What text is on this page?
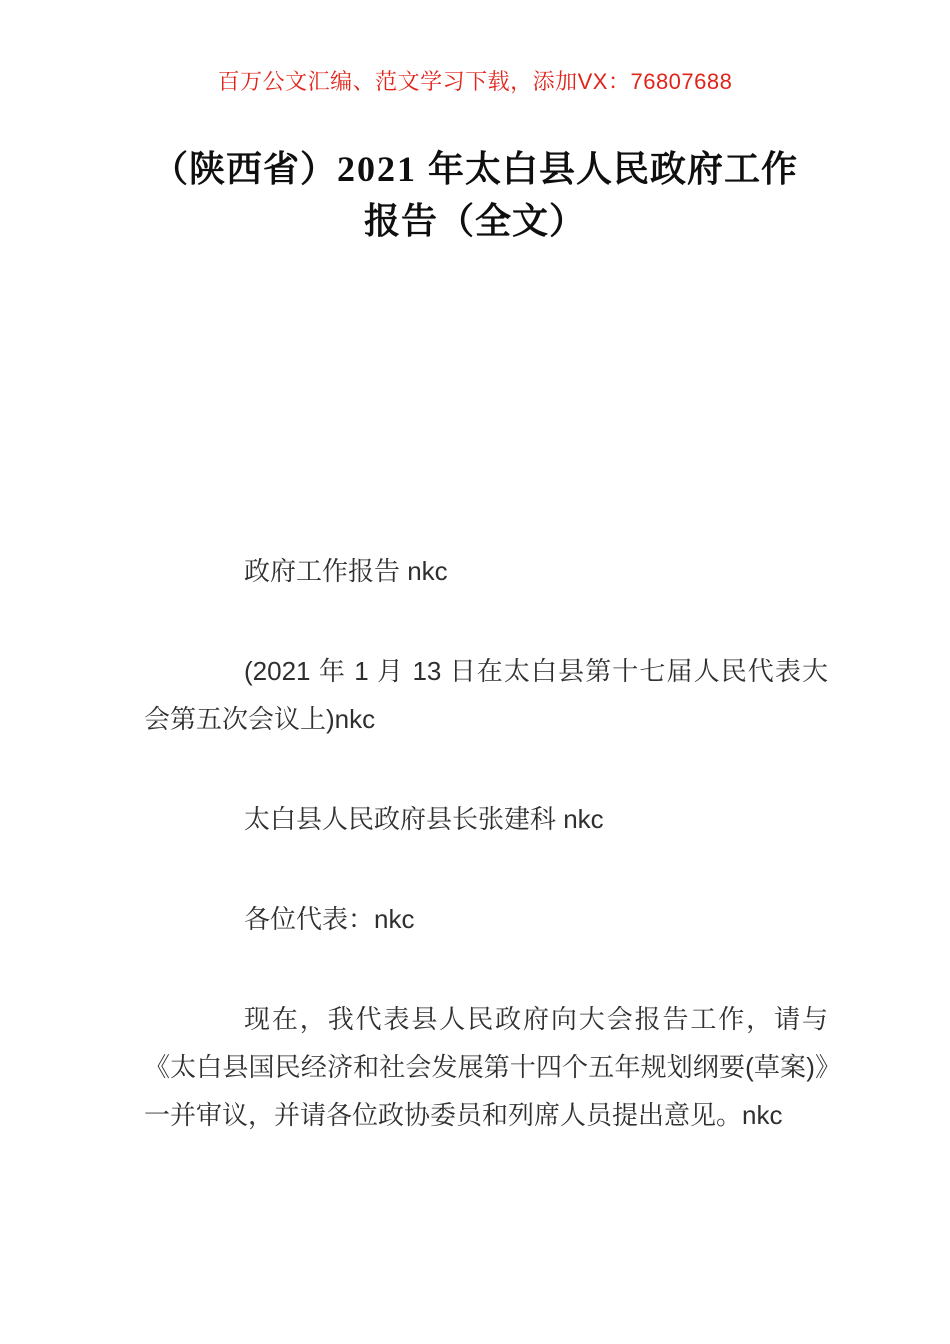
百万公文汇编、范文学习下载，添加VX：76807688
（陕西省）2021 年太白县人民政府工作报告（全文）

政府工作报告 nkc

(2021 年 1 月 13 日在太白县第十七届人民代表大会第五次会议上)nkc

太白县人民政府县长张建科 nkc

各位代表：nkc

现在，我代表县人民政府向大会报告工作，请与《太白县国民经济和社会发展第十四个五年规划纲要(草案)》一并审议，并请各位政协委员和列席人员提出意见。nkc
